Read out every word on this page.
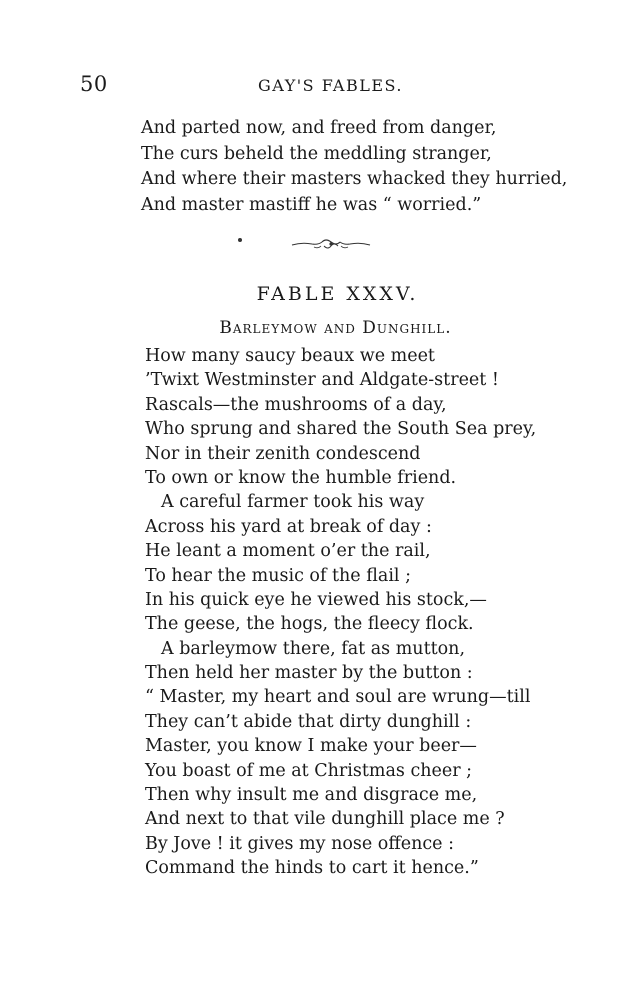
50	GAY'S FABLES.
And parted now, and freed from danger,
The curs beheld the meddling stranger,
And where their masters whacked they hurried,
And master mastiff he was “ worried.”
FABLE XXXV.
Barleymow and Dunghill.
How many saucy beaux we meet
’Twixt Westminster and Aldgate-street !
Rascals—the mushrooms of a day,
Who sprung and shared the South Sea prey,
Nor in their zenith condescend
To own or know the humble friend.
A careful farmer took his way
Across his yard at break of day :
He leant a moment o’er the rail,
To hear the music of the flail ;
In his quick eye he viewed his stock,—
The geese, the hogs, the fleecy flock.
A barleymow there, fat as mutton,
Then held her master by the button :
“ Master, my heart and soul are wrung—till
They can’t abide that dirty dunghill :
Master, you know I make your beer—
You boast of me at Christmas cheer ;
Then why insult me and disgrace me,
And next to that vile dunghill place me ?
By Jove ! it gives my nose offence :
Command the hinds to cart it hence.”
